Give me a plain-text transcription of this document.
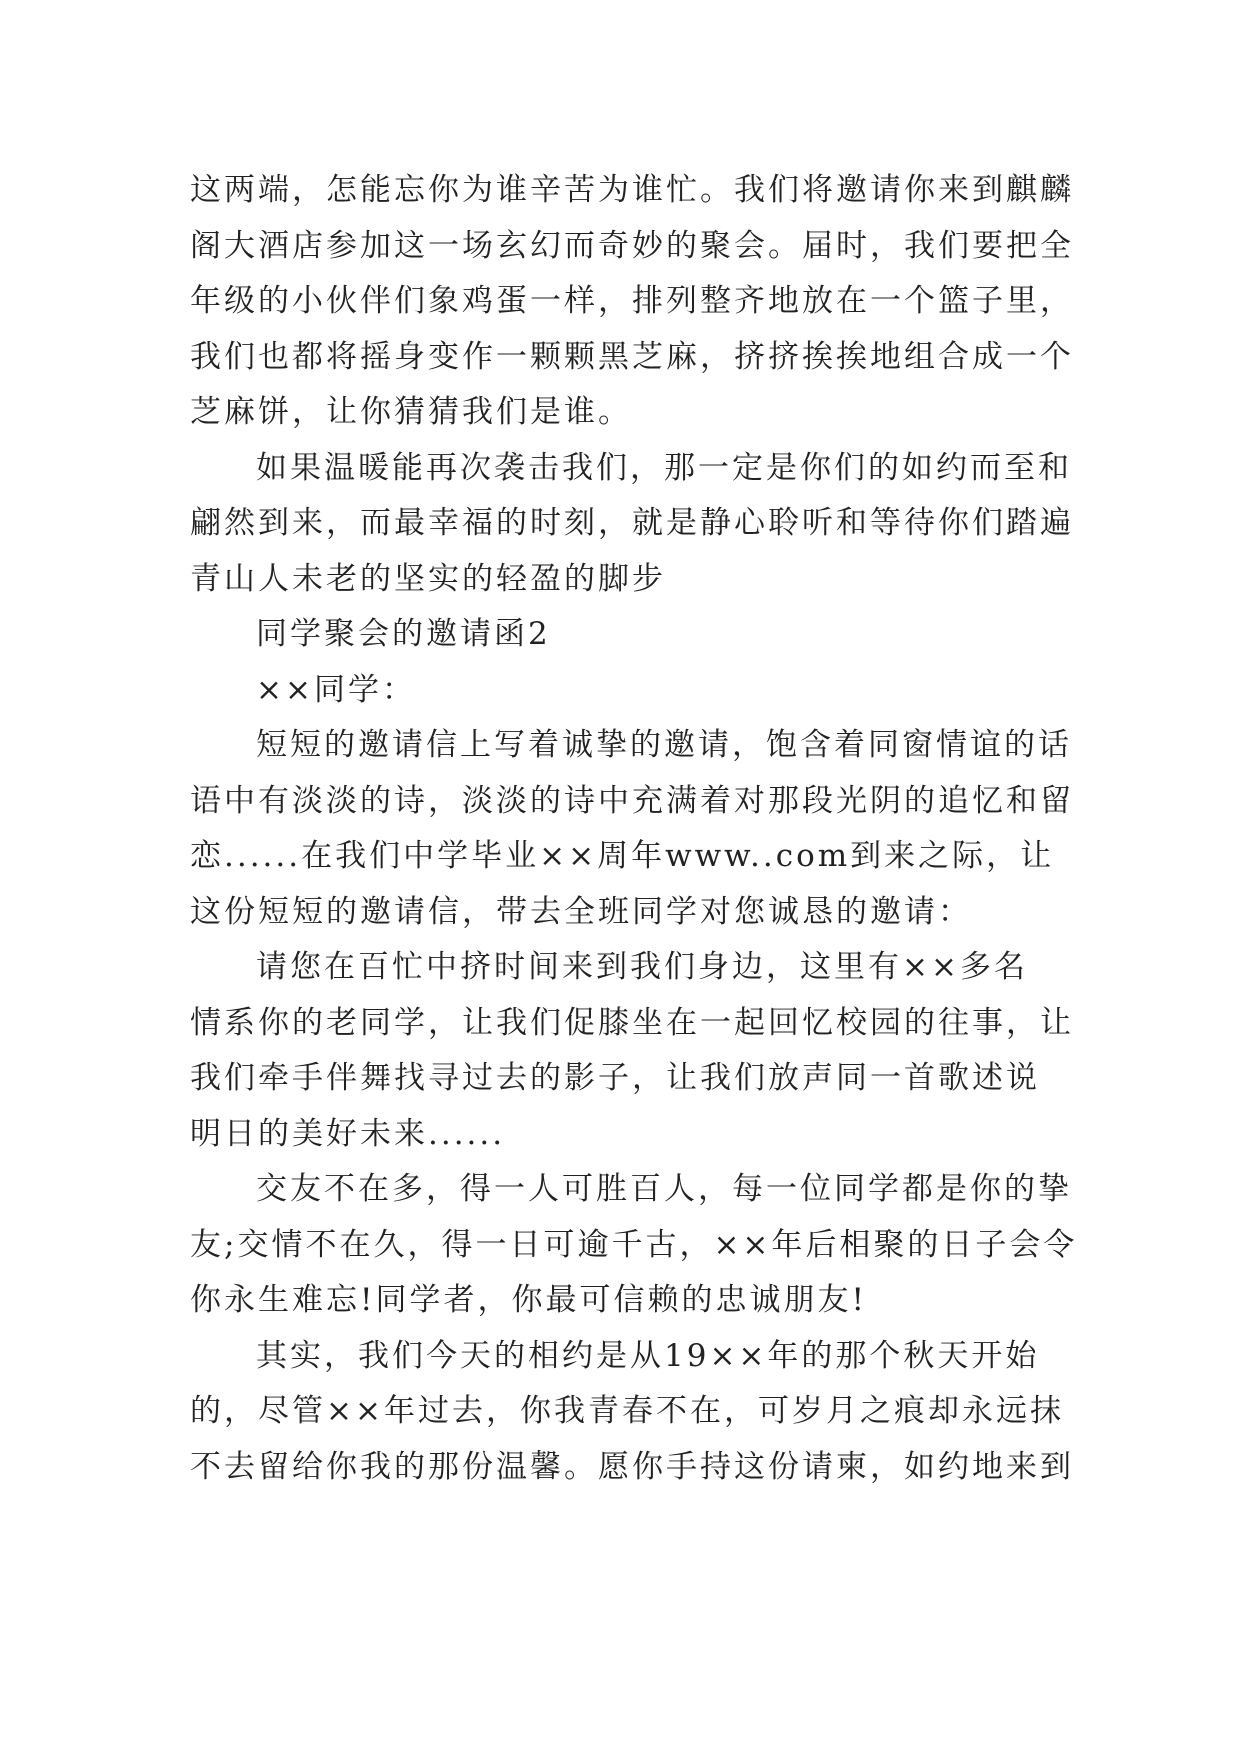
这两端，怎能忘你为谁辛苦为谁忙。我们将邀请你来到麒麟
阁大酒店参加这一场玄幻而奇妙的聚会。届时，我们要把全
年级的小伙伴们象鸡蛋一样，排列整齐地放在一个篮子里，
我们也都将摇身变作一颗颗黑芝麻，挤挤挨挨地组合成一个
芝麻饼，让你猜猜我们是谁。
如果温暖能再次袭击我们，那一定是你们的如约而至和
翩然到来，而最幸福的时刻，就是静心聆听和等待你们踏遍
青山人未老的坚实的轻盈的脚步
同学聚会的邀请函2
××同学：
短短的邀请信上写着诚挚的邀请，饱含着同窗情谊的话
语中有淡淡的诗，淡淡的诗中充满着对那段光阴的追忆和留
恋......在我们中学毕业××周年www..com到来之际，让
这份短短的邀请信，带去全班同学对您诚恳的邀请：
请您在百忙中挤时间来到我们身边，这里有××多名
情系你的老同学，让我们促膝坐在一起回忆校园的往事，让
我们牵手伴舞找寻过去的影子，让我们放声同一首歌述说
明日的美好未来......
交友不在多，得一人可胜百人，每一位同学都是你的挚
友;交情不在久，得一日可逾千古，××年后相聚的日子会令
你永生难忘!同学者，你最可信赖的忠诚朋友!
其实，我们今天的相约是从19××年的那个秋天开始
的，尽管××年过去，你我青春不在，可岁月之痕却永远抹
不去留给你我的那份温馨。愿你手持这份请柬，如约地来到
